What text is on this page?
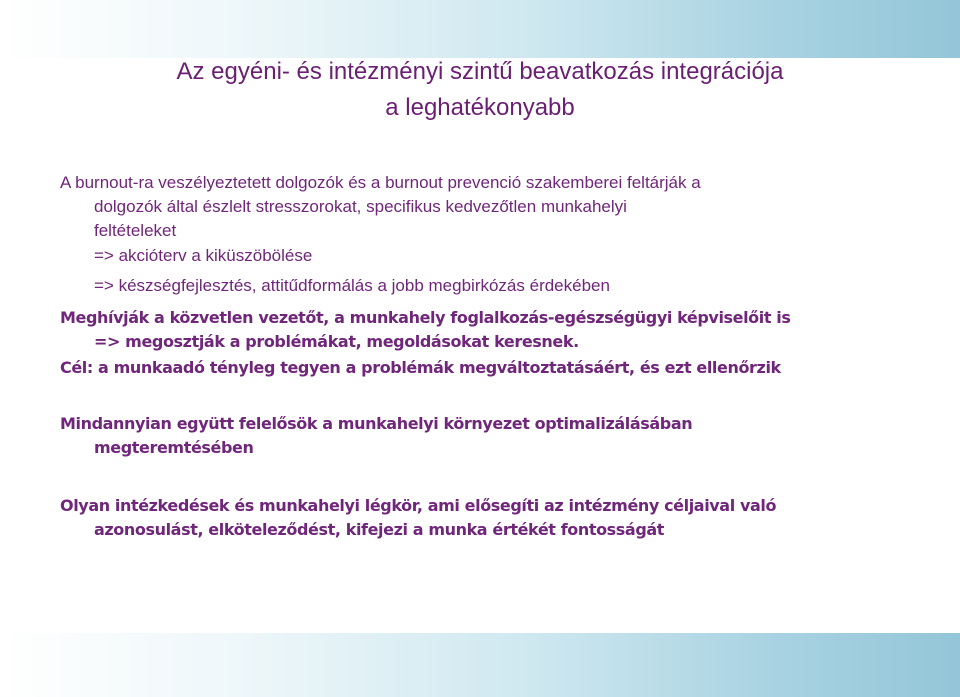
Az egyéni- és intézményi szintű beavatkozás integrációja
a leghatékonyabb
A burnout-ra veszélyeztetett dolgozók és a burnout prevenció szakemberei feltárják a
dolgozók által észlelt stresszorokat, specifikus kedvezőtlen munkahelyi
feltételeket
=> akcióterv a kiküszöbölése
=> készségfejlesztés, attitűdformálás a jobb megbirkózás érdekében
Meghívják a közvetlen vezetőt, a munkahely foglalkozás-egészségügyi képviselőit is
=> megosztják a problémákat, megoldásokat keresnek.
Cél: a munkaadó tényleg tegyen a problémák megváltoztatásáért, és ezt ellenőrzik
Mindannyian együtt felelősök a munkahelyi környezet optimalizálásában
megteremtésében
Olyan intézkedések és munkahelyi légkör, ami elősegíti az intézmény céljaival való
azonosulást, elköteleződést, kifejezi a munka értékét fontosságát
